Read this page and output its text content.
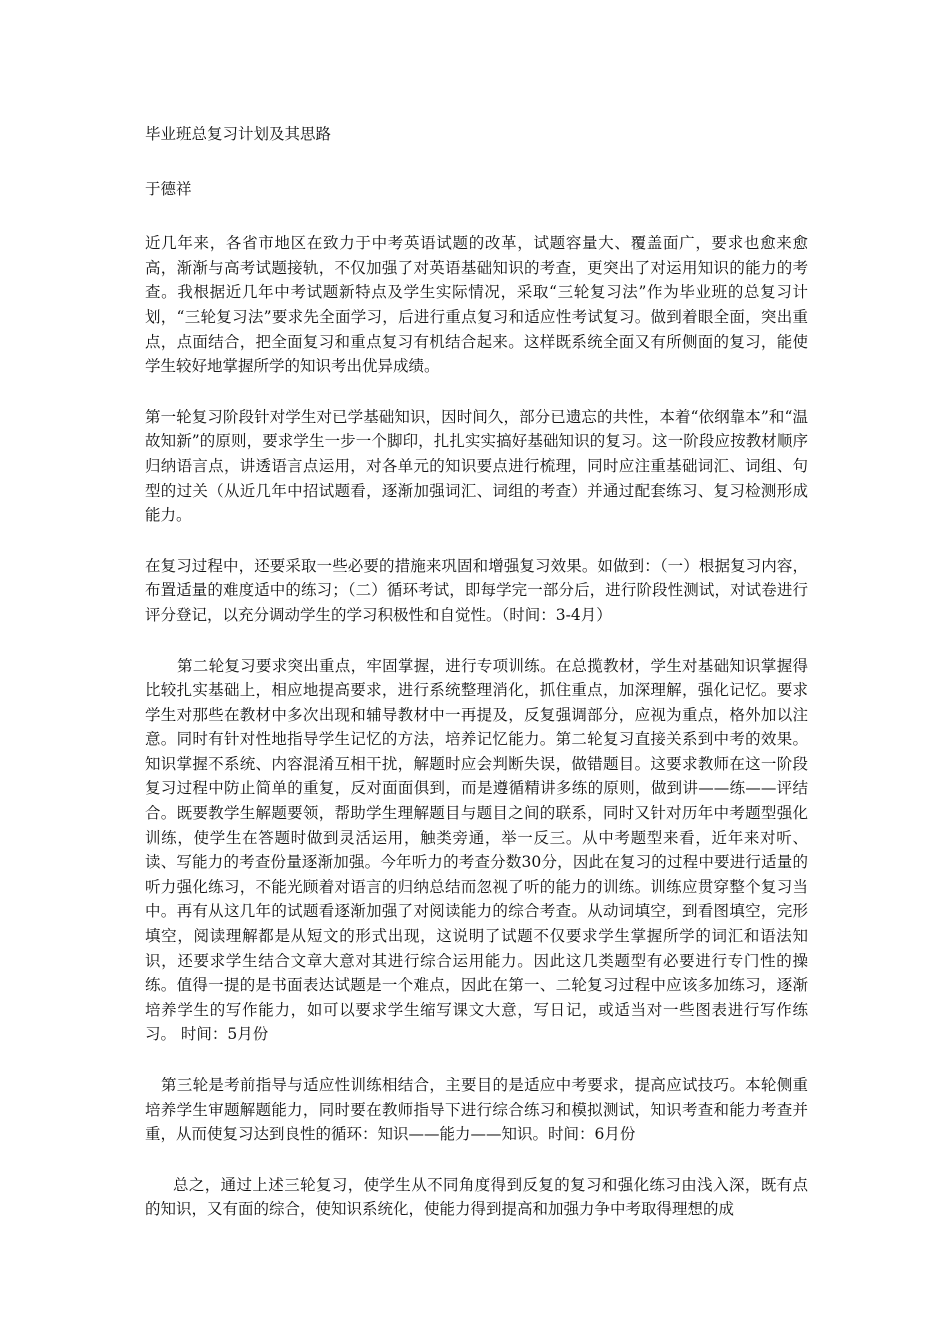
毕业班总复习计划及其思路

于德祥

近几年来，各省市地区在致力于中考英语试题的改革，试题容量大、覆盖面广，要求也愈来愈高，渐渐与高考试题接轨，不仅加强了对英语基础知识的考查，更突出了对运用知识的能力的考查。我根据近几年中考试题新特点及学生实际情况，采取“三轮复习法”作为毕业班的总复习计划，“三轮复习法”要求先全面学习，后进行重点复习和适应性考试复习。做到着眼全面，突出重点，点面结合，把全面复习和重点复习有机结合起来。这样既系统全面又有所侧面的复习，能使学生较好地掌握所学的知识考出优异成绩。

第一轮复习阶段针对学生对已学基础知识，因时间久，部分已遗忘的共性，本着“依纲靠本”和“温故知新”的原则，要求学生一步一个脚印，扎扎实实搞好基础知识的复习。这一阶段应按教材顺序归纳语言点，讲透语言点运用，对各单元的知识要点进行梳理，同时应注重基础词汇、词组、句型的过关（从近几年中招试题看，逐渐加强词汇、词组的考查）并通过配套练习、复习检测形成能力。

在复习过程中，还要采取一些必要的措施来巩固和增强复习效果。如做到：（一）根据复习内容，布置适量的难度适中的练习；（二）循环考试，即每学完一部分后，进行阶段性测试，对试卷进行评分登记，以充分调动学生的学习积极性和自觉性。（时间：3-4月）

第二轮复习要求突出重点，牢固掌握，进行专项训练。在总揽教材，学生对基础知识掌握得比较扎实基础上，相应地提高要求，进行系统整理消化，抓住重点，加深理解，强化记忆。要求学生对那些在教材中多次出现和辅导教材中一再提及，反复强调部分，应视为重点，格外加以注意。同时有针对性地指导学生记忆的方法，培养记忆能力。第二轮复习直接关系到中考的效果。知识掌握不系统、内容混淆互相干扰，解题时应会判断失误，做错题目。这要求教师在这一阶段复习过程中防止简单的重复，反对面面俱到，而是遵循精讲多练的原则，做到讲——练——评结合。既要教学生解题要领，帮助学生理解题目与题目之间的联系，同时又针对历年中考题型强化训练，使学生在答题时做到灵活运用，触类旁通，举一反三。从中考题型来看，近年来对听、读、写能力的考查份量逐渐加强。今年听力的考查分数30分，因此在复习的过程中要进行适量的听力强化练习，不能光顾着对语言的归纳总结而忽视了听的能力的训练。训练应贯穿整个复习当中。再有从这几年的试题看逐渐加强了对阅读能力的综合考查。从动词填空，到看图填空，完形填空，阅读理解都是从短文的形式出现，这说明了试题不仅要求学生掌握所学的词汇和语法知识，还要求学生结合文章大意对其进行综合运用能力。因此这几类题型有必要进行专门性的操练。值得一提的是书面表达试题是一个难点，因此在第一、二轮复习过程中应该多加练习，逐渐培养学生的写作能力，如可以要求学生缩写课文大意，写日记，或适当对一些图表进行写作练习。 时间：5月份

第三轮是考前指导与适应性训练相结合，主要目的是适应中考要求，提高应试技巧。本轮侧重培养学生审题解题能力，同时要在教师指导下进行综合练习和模拟测试，知识考查和能力考查并重，从而使复习达到良性的循环：知识——能力——知识。时间：6月份

总之，通过上述三轮复习，使学生从不同角度得到反复的复习和强化练习由浅入深，既有点的知识，又有面的综合，使知识系统化，使能力得到提高和加强力争中考取得理想的成
